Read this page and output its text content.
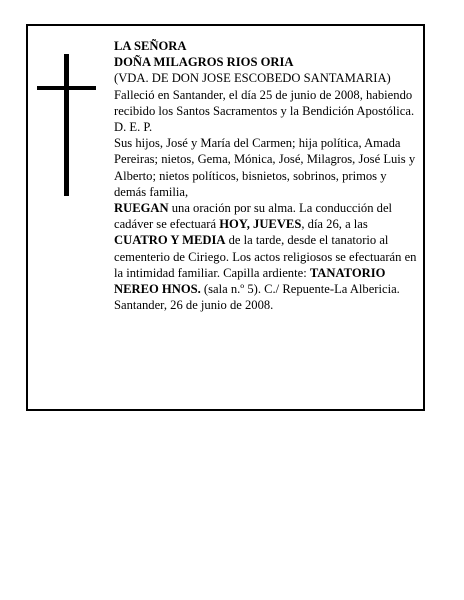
LA SEÑORA

DOÑA MILAGROS RIOS ORIA

(VDA. DE DON JOSE ESCOBEDO SANTAMARIA)

Falleció en Santander, el día 25 de junio de 2008, habiendo recibido los Santos Sacramentos y la Bendición Apostólica.

D. E. P.

Sus hijos, José y María del Carmen; hija política, Amada Pereiras; nietos, Gema, Mónica, José, Milagros, José Luis y Alberto; nietos políticos, bisnietos, sobrinos, primos y demás familia,

RUEGAN una oración por su alma. La conducción del cadáver se efectuará HOY, JUEVES, día 26, a las CUATRO Y MEDIA de la tarde, desde el tanatorio al cementerio de Ciriego. Los actos religiosos se efectuarán en la intimidad familiar. Capilla ardiente: TANATORIO NEREO HNOS. (sala n.º 5). C./ Repuente-La Albericia.

Santander, 26 de junio de 2008.
